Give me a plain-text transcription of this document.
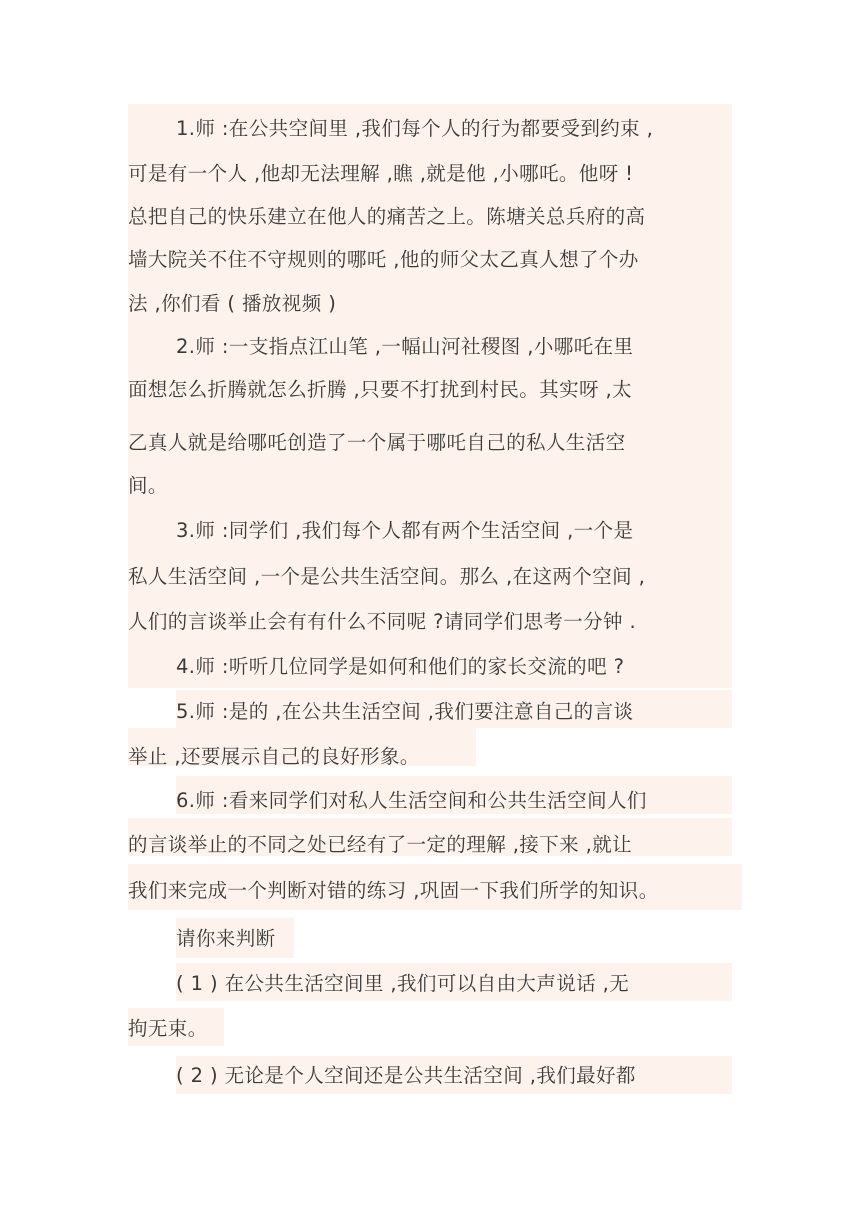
1.师 :在公共空间里 ,我们每个人的行为都要受到约束 ,
可是有一个人 ,他却无法理解 ,瞧 ,就是他 ,小哪吒。他呀 !
总把自己的快乐建立在他人的痛苦之上。陈塘关总兵府的高
墙大院关不住不守规则的哪吒 ,他的师父太乙真人想了个办
法 ,你们看 ( 播放视频 )
2.师 :一支指点江山笔 ,一幅山河社稷图 ,小哪吒在里
面想怎么折腾就怎么折腾 ,只要不打扰到村民。其实呀 ,太
乙真人就是给哪吒创造了一个属于哪吒自己的私人生活空
间。
3.师 :同学们 ,我们每个人都有两个生活空间 ,一个是
私人生活空间 ,一个是公共生活空间。那么 ,在这两个空间 ,
人们的言谈举止会有有什么不同呢 ?请同学们思考一分钟 .
4.师 :听听几位同学是如何和他们的家长交流的吧 ?
5.师 :是的 ,在公共生活空间 ,我们要注意自己的言谈
举止 ,还要展示自己的良好形象。
6.师 :看来同学们对私人生活空间和公共生活空间人们
的言谈举止的不同之处已经有了一定的理解 ,接下来 ,就让
我们来完成一个判断对错的练习 ,巩固一下我们所学的知识。
请你来判断
( 1 ) 在公共生活空间里 ,我们可以自由大声说话 ,无
拘无束。
( 2 ) 无论是个人空间还是公共生活空间 ,我们最好都
